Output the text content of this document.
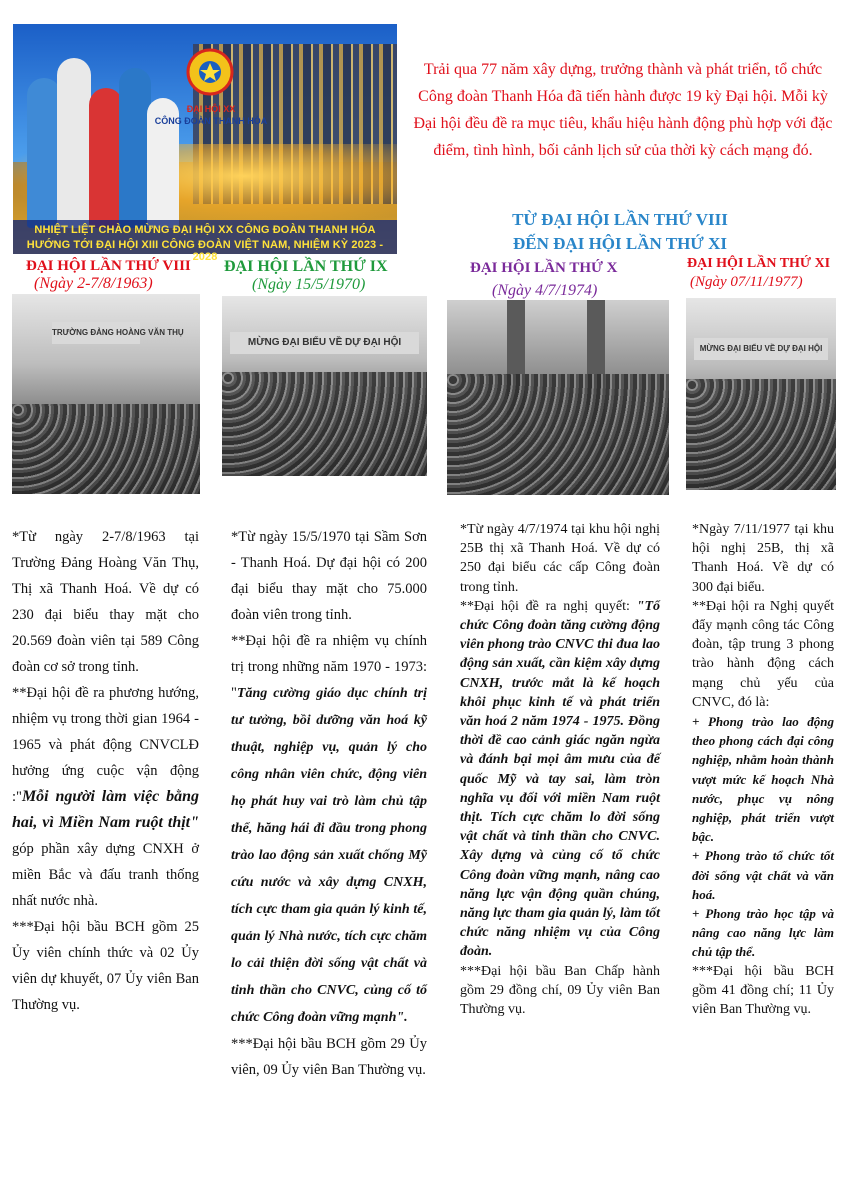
ĐẠI HỘI XX
CÔNG ĐOÀN THANH HÓA
NHIỆT LIỆT CHÀO MỪNG ĐẠI HỘI XX CÔNG ĐOÀN THANH HÓA
HƯỚNG TỚI ĐẠI HỘI XIII CÔNG ĐOÀN VIỆT NAM, NHIỆM KỲ 2023 - 2028
Trải qua 77 năm xây dựng, trưởng thành và phát triển, tổ chức Công đoàn Thanh Hóa đã tiến hành được 19 kỳ Đại hội. Mỗi kỳ Đại hội đều đề ra mục tiêu, khẩu hiệu hành động phù hợp với đặc điểm, tình hình, bối cảnh lịch sử của thời kỳ cách mạng đó.
TỪ ĐẠI HỘI LẦN THỨ VIII
ĐẾN ĐẠI HỘI LẦN THỨ XI
ĐẠI HỘI LẦN THỨ VIII
(Ngày 2-7/8/1963)
ĐẠI HỘI LẦN THỨ IX
(Ngày 15/5/1970)
ĐẠI HỘI LẦN THỨ X
(Ngày 4/7/1974)
ĐẠI HỘI LẦN THỨ XI
(Ngày 07/11/1977)
TRƯỜNG ĐẢNG HOÀNG VĂN THỤ
MỪNG ĐẠI BIỂU VỀ DỰ ĐẠI HỘI
MỪNG ĐẠI BIỂU VỀ DỰ ĐẠI HỘI

*Từ ngày 2-7/8/1963 tại Trường Đảng Hoàng Văn Thụ, Thị xã Thanh Hoá. Về dự có 230 đại biểu thay mặt cho 20.569 đoàn viên tại 589 Công đoàn cơ sở trong tỉnh.

**Đại hội đề ra phương hướng, nhiệm vụ trong thời gian 1964 - 1965 và phát động CNVCLĐ hưởng ứng cuộc vận động :"Mỗi người làm việc bằng hai, vì Miền Nam ruột thịt" góp phần xây dựng CNXH ở miền Bắc và đấu tranh thống nhất nước nhà.

***Đại hội bầu BCH gồm 25 Ủy viên chính thức và 02 Ủy viên dự khuyết, 07 Ủy viên Ban Thường vụ.

*Từ ngày 15/5/1970 tại Sầm Sơn - Thanh Hoá. Dự đại hội có 200 đại biểu thay mặt cho 75.000 đoàn viên trong tỉnh.

**Đại hội đề ra nhiệm vụ chính trị trong những năm 1970 - 1973: "Tăng cường giáo dục chính trị tư tưởng, bồi dưỡng văn hoá kỹ thuật, nghiệp vụ, quản lý cho công nhân viên chức, động viên họ phát huy vai trò làm chủ tập thể, hăng hái đi đầu trong phong trào lao động sản xuất chống Mỹ cứu nước và xây dựng CNXH, tích cực tham gia quản lý kinh tế, quản lý Nhà nước, tích cực chăm lo cải thiện đời sống vật chất và tinh thần cho CNVC, củng cố tổ chức Công đoàn vững mạnh".

***Đại hội bầu BCH gồm 29 Ủy viên, 09 Ủy viên Ban Thường vụ.

*Từ ngày 4/7/1974 tại khu hội nghị 25B thị xã Thanh Hoá. Về dự có 250 đại biểu các cấp Công đoàn trong tỉnh.

**Đại hội đề ra nghị quyết: "Tổ chức Công đoàn tăng cường động viên phong trào CNVC thi đua lao động sản xuất, cần kiệm xây dựng CNXH, trước mắt là kế hoạch khôi phục kinh tế và phát triển văn hoá 2 năm 1974 - 1975. Đồng thời đề cao cảnh giác ngăn ngừa và đánh bại mọi âm mưu của đế quốc Mỹ và tay sai, làm tròn nghĩa vụ đối với miền Nam ruột thịt. Tích cực chăm lo đời sống vật chất và tinh thần cho CNVC. Xây dựng và củng cố tổ chức Công đoàn vững mạnh, nâng cao năng lực vận động quần chúng, năng lực tham gia quản lý, làm tốt chức năng nhiệm vụ của Công đoàn.

***Đại hội bầu Ban Chấp hành gồm 29 đồng chí, 09 Ủy viên Ban Thường vụ.

*Ngày 7/11/1977 tại khu hội nghị 25B, thị xã Thanh Hoá. Về dự có 300 đại biểu.

**Đại hội ra Nghị quyết đẩy mạnh công tác Công đoàn, tập trung 3 phong trào hành động cách mạng chủ yếu của CNVC, đó là:

+ Phong trào lao động theo phong cách đại công nghiệp, nhằm hoàn thành vượt mức kế hoạch Nhà nước, phục vụ nông nghiệp, phát triển vượt bậc.

+ Phong trào tổ chức tốt đời sống vật chất và văn hoá.

+ Phong trào học tập và nâng cao năng lực làm chủ tập thể.

***Đại hội bầu BCH gồm 41 đồng chí; 11 Ủy viên Ban Thường vụ.
